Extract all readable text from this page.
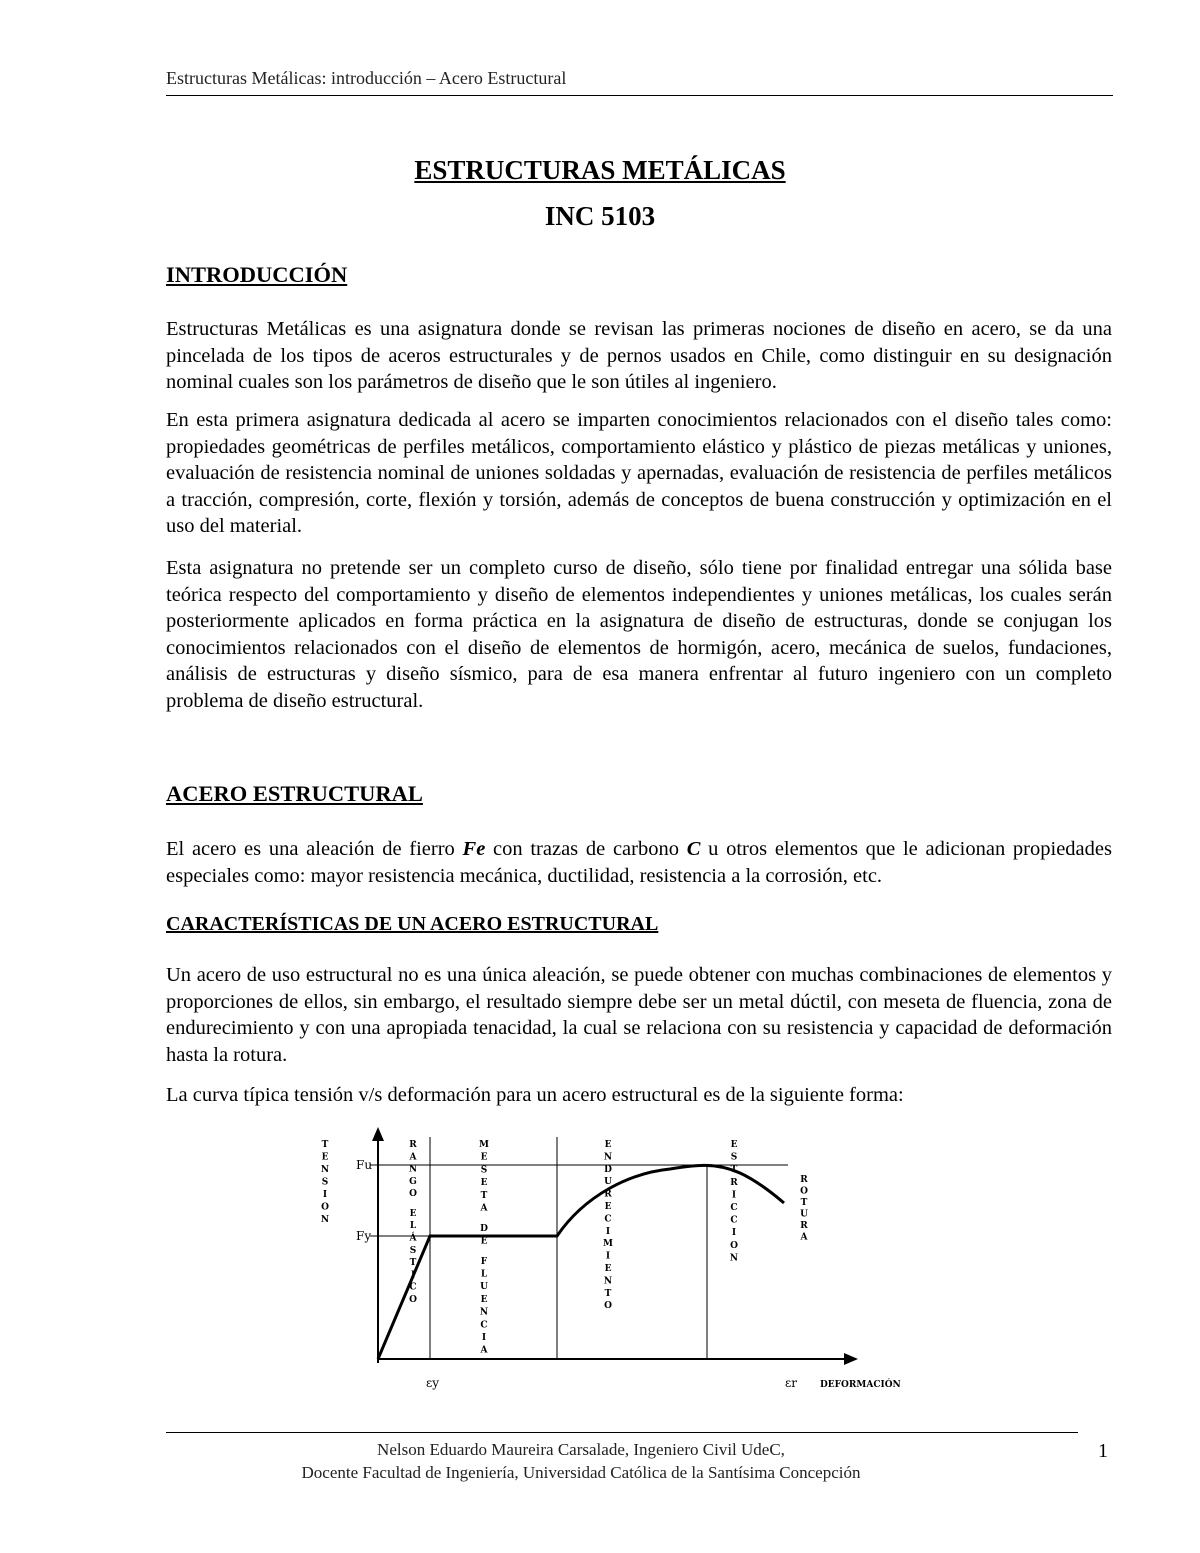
Estructuras Metálicas: introducción – Acero Estructural
ESTRUCTURAS METÁLICAS
INC 5103
INTRODUCCIÓN
Estructuras Metálicas es una asignatura donde se revisan las primeras nociones de diseño en acero, se da una pincelada de los tipos de aceros estructurales y de pernos usados en Chile, como distinguir en su designación nominal cuales son los parámetros de diseño que le son útiles al ingeniero.
En esta primera asignatura dedicada al acero se imparten conocimientos relacionados con el diseño tales como: propiedades geométricas de perfiles metálicos, comportamiento elástico y plástico de piezas metálicas y uniones, evaluación de resistencia nominal de uniones soldadas y apernadas, evaluación de resistencia de perfiles metálicos a tracción, compresión, corte, flexión y torsión, además de conceptos de buena construcción y optimización en el uso del material.
Esta asignatura no pretende ser un completo curso de diseño, sólo tiene por finalidad entregar una sólida base teórica respecto del comportamiento y diseño de elementos independientes y uniones metálicas, los cuales serán posteriormente aplicados en forma práctica en la asignatura de diseño de estructuras, donde se conjugan los conocimientos relacionados con el diseño de elementos de hormigón, acero, mecánica de suelos, fundaciones, análisis de estructuras y diseño sísmico, para de esa manera enfrentar al futuro ingeniero con un completo problema de diseño estructural.
ACERO ESTRUCTURAL
El acero es una aleación de fierro Fe con trazas de carbono C u otros elementos que le adicionan propiedades especiales como: mayor resistencia mecánica, ductilidad, resistencia a la corrosión, etc.
CARACTERÍSTICAS DE UN ACERO ESTRUCTURAL
Un acero de uso estructural no es una única aleación, se puede obtener con muchas combinaciones de elementos y proporciones de ellos, sin embargo, el resultado siempre debe ser un metal dúctil, con meseta de fluencia, zona de endurecimiento y con una apropiada tenacidad, la cual se relaciona con su resistencia y capacidad de deformación hasta la rotura.
La curva típica tensión v/s deformación para un acero estructural es de la siguiente forma:
T E N S I O N
R A N G O E L Á S T I C O
M E S E T A D E F L U E N C I A
E N D U R E C I M I E N T O
E S T R I C C I O N
R O T U R A
Fu
Fy
εy	εr	DEFORMACIÓN
Nelson Eduardo Maureira Carsalade, Ingeniero Civil UdeC,
Docente Facultad de Ingeniería, Universidad Católica de la Santísima Concepción
1
